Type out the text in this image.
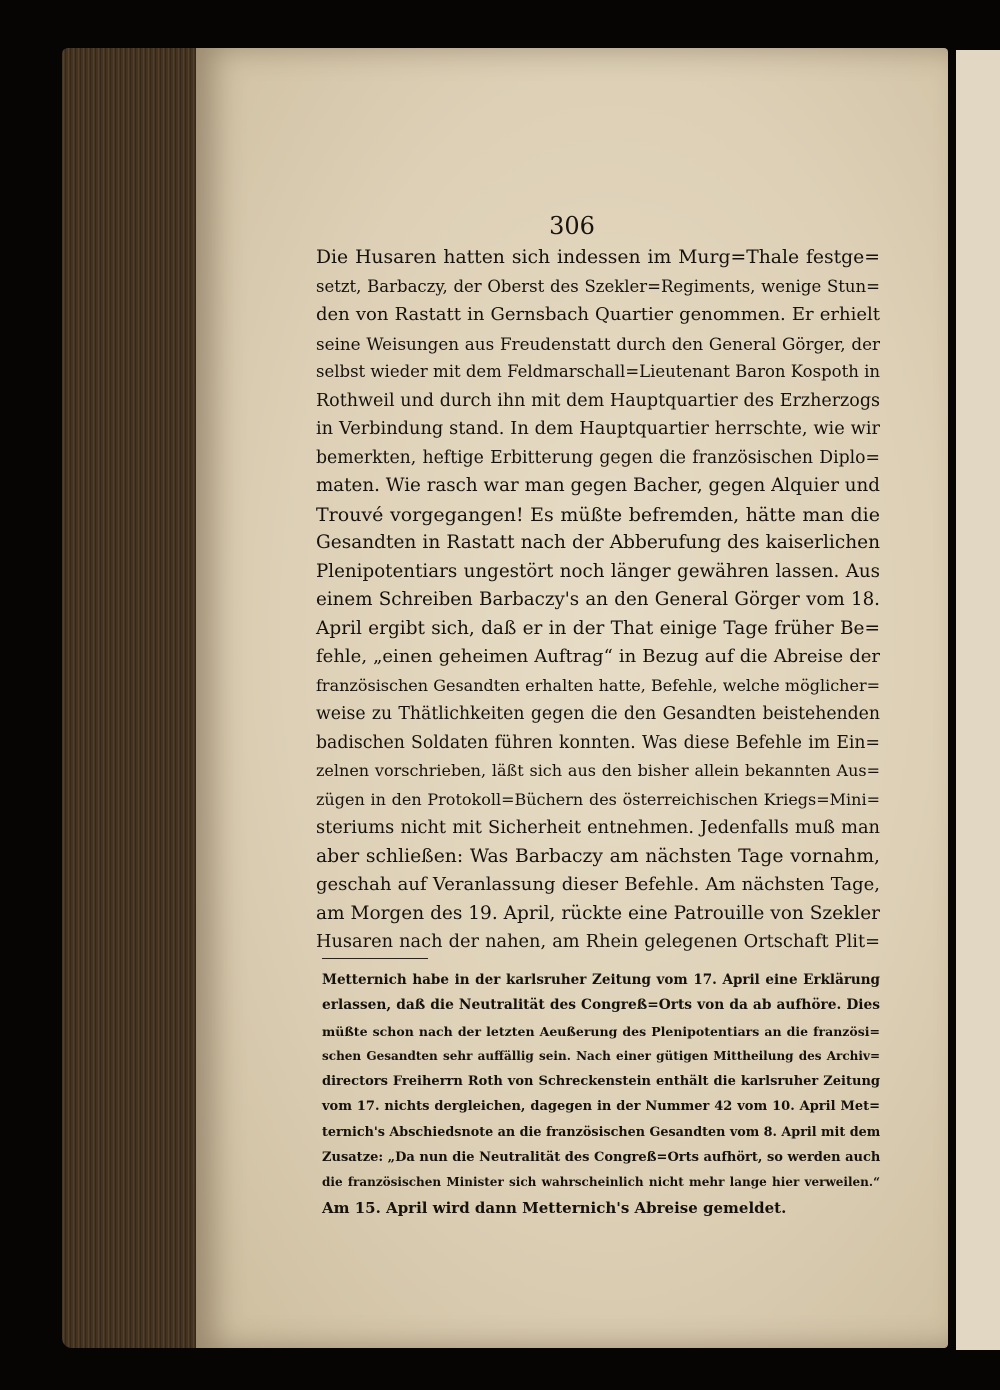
306
Die Husaren hatten sich indessen im Murg=Thale festge=
setzt, Barbaczy, der Oberst des Szekler=Regiments, wenige Stun=
den von Rastatt in Gernsbach Quartier genommen. Er erhielt
seine Weisungen aus Freudenstatt durch den General Görger, der
selbst wieder mit dem Feldmarschall=Lieutenant Baron Kospoth in
Rothweil und durch ihn mit dem Hauptquartier des Erzherzogs
in Verbindung stand. In dem Hauptquartier herrschte, wie wir
bemerkten, heftige Erbitterung gegen die französischen Diplo=
maten. Wie rasch war man gegen Bacher, gegen Alquier und
Trouvé vorgegangen! Es müßte befremden, hätte man die
Gesandten in Rastatt nach der Abberufung des kaiserlichen
Plenipotentiars ungestört noch länger gewähren lassen. Aus
einem Schreiben Barbaczy's an den General Görger vom 18.
April ergibt sich, daß er in der That einige Tage früher Be=
fehle, „einen geheimen Auftrag“ in Bezug auf die Abreise der
französischen Gesandten erhalten hatte, Befehle, welche möglicher=
weise zu Thätlichkeiten gegen die den Gesandten beistehenden
badischen Soldaten führen konnten. Was diese Befehle im Ein=
zelnen vorschrieben, läßt sich aus den bisher allein bekannten Aus=
zügen in den Protokoll=Büchern des österreichischen Kriegs=Mini=
steriums nicht mit Sicherheit entnehmen. Jedenfalls muß man
aber schließen: Was Barbaczy am nächsten Tage vornahm,
geschah auf Veranlassung dieser Befehle. Am nächsten Tage,
am Morgen des 19. April, rückte eine Patrouille von Szekler
Husaren nach der nahen, am Rhein gelegenen Ortschaft Plit=
Metternich habe in der karlsruher Zeitung vom 17. April eine Erklärung
erlassen, daß die Neutralität des Congreß=Orts von da ab aufhöre. Dies
müßte schon nach der letzten Aeußerung des Plenipotentiars an die französi=
schen Gesandten sehr auffällig sein. Nach einer gütigen Mittheilung des Archiv=
directors Freiherrn Roth von Schreckenstein enthält die karlsruher Zeitung
vom 17. nichts dergleichen, dagegen in der Nummer 42 vom 10. April Met=
ternich's Abschiedsnote an die französischen Gesandten vom 8. April mit dem
Zusatze: „Da nun die Neutralität des Congreß=Orts aufhört, so werden auch
die französischen Minister sich wahrscheinlich nicht mehr lange hier verweilen.“
Am 15. April wird dann Metternich's Abreise gemeldet.
